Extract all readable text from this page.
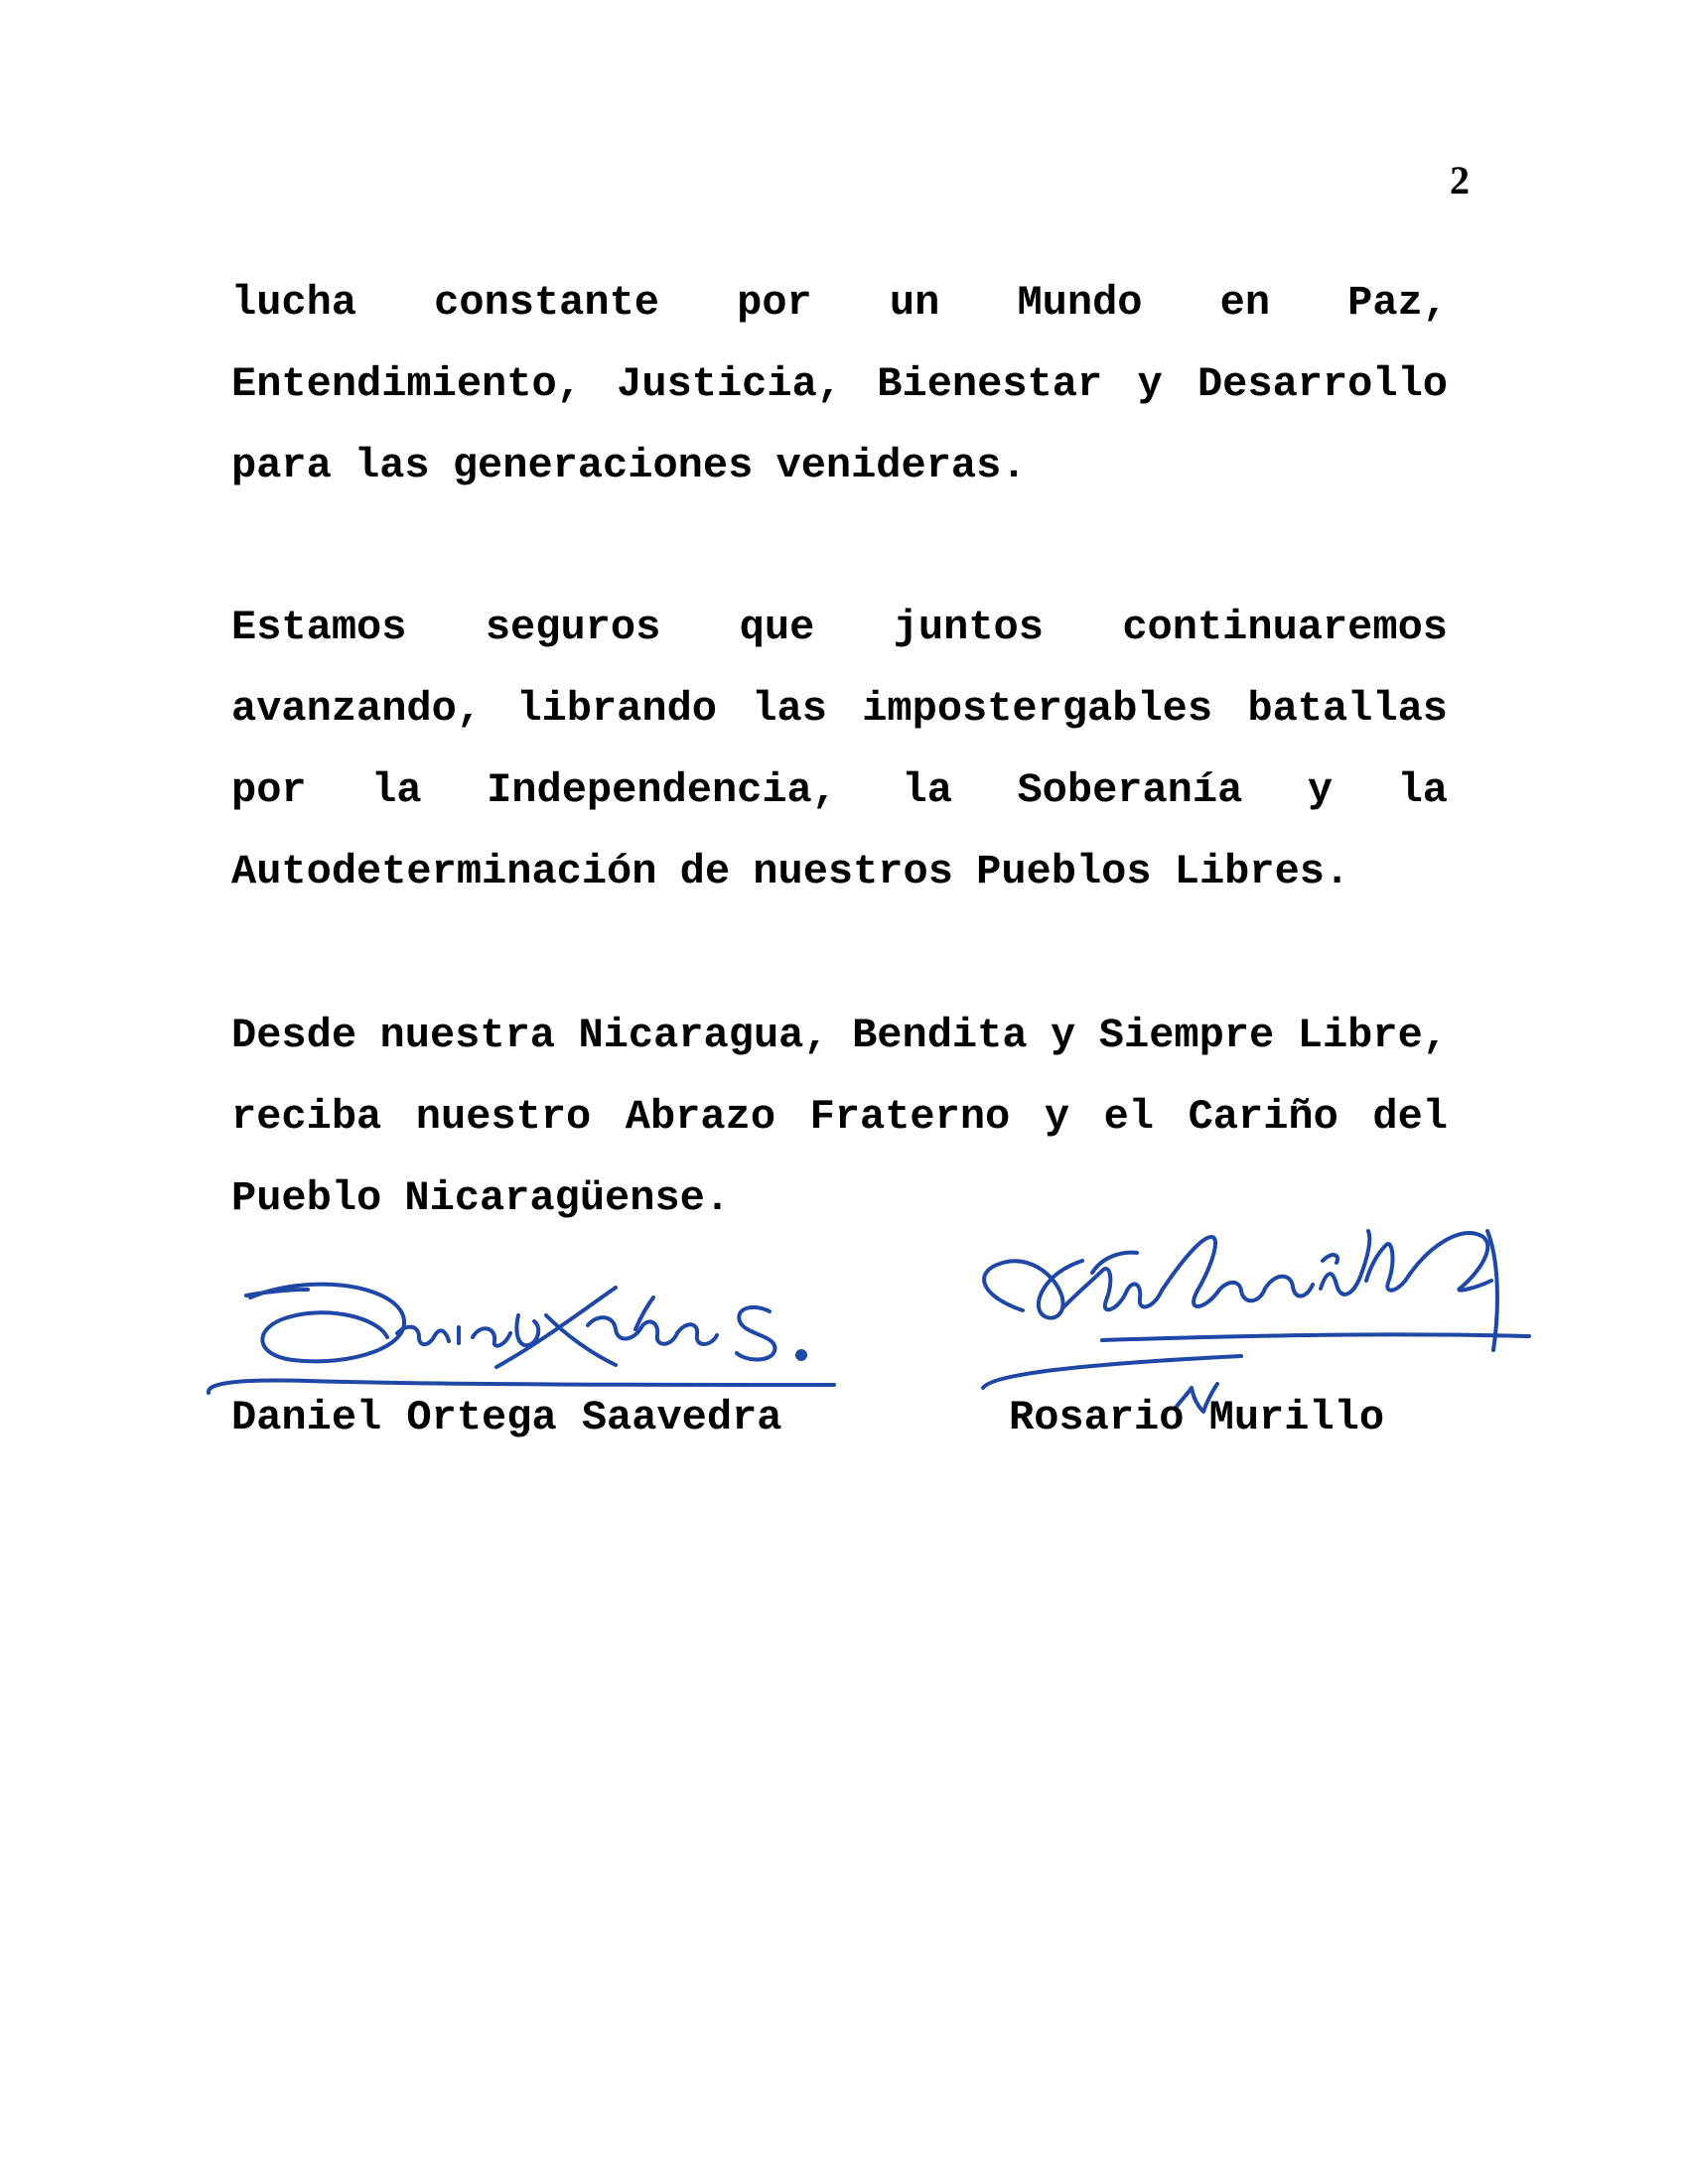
2

lucha constante por un Mundo en Paz, Entendimiento, Justicia, Bienestar y Desarrollo para las generaciones venideras.

Estamos seguros que juntos continuaremos avanzando, librando las impostergables batallas por la Independencia, la Soberanía y la Autodeterminación de nuestros Pueblos Libres.

Desde nuestra Nicaragua, Bendita y Siempre Libre, reciba nuestro Abrazo Fraterno y el Cariño del Pueblo Nicaragüense.

Daniel Ortega Saavedra	Rosario Murillo
